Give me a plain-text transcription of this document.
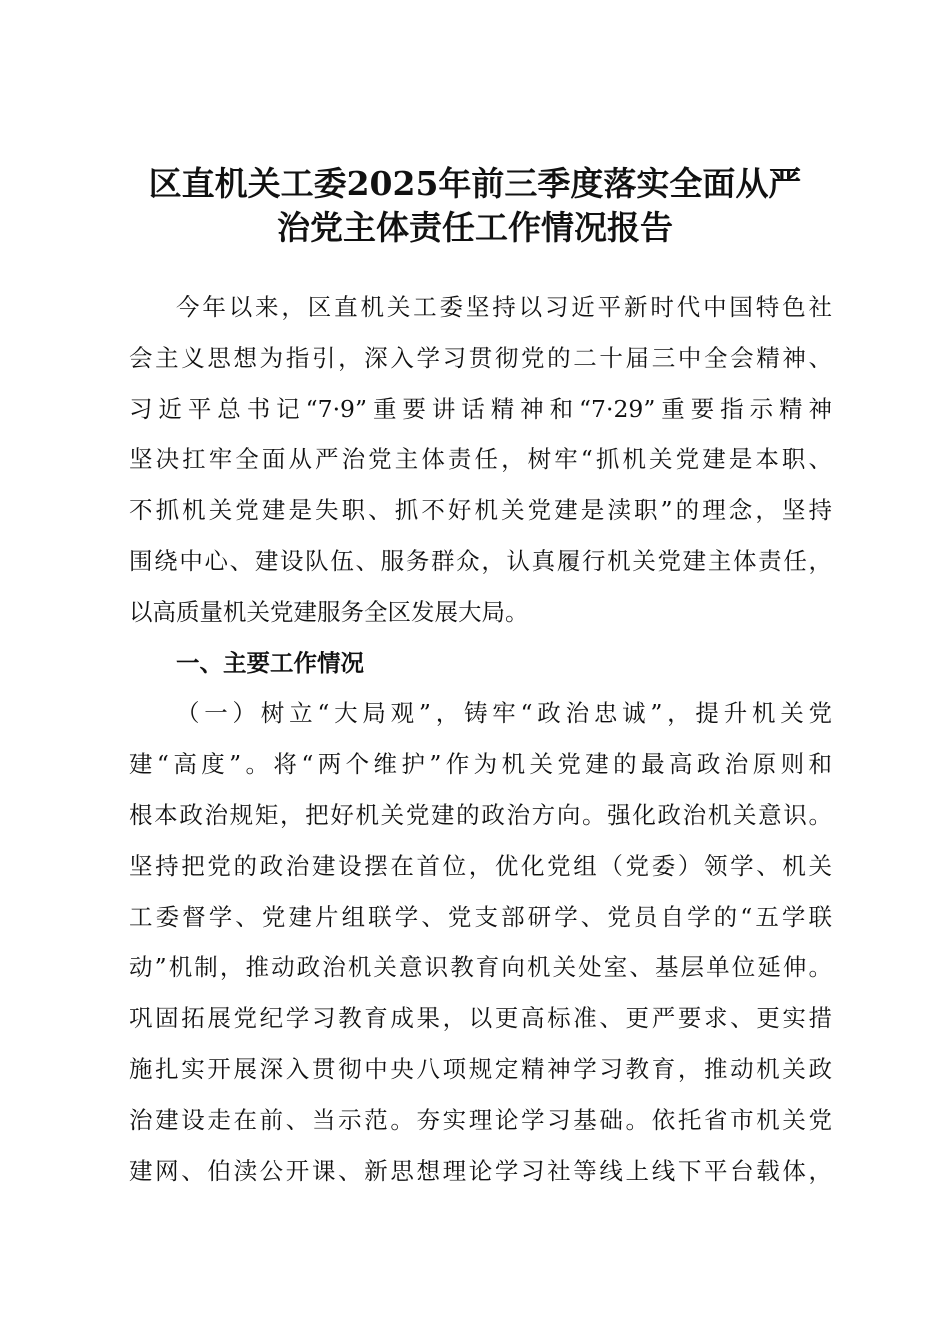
区直机关工委2025年前三季度落实全面从严
治党主体责任工作情况报告
今年以来，区直机关工委坚持以习近平新时代中国特色社
会主义思想为指引，深入学习贯彻党的二十届三中全会精神、
习近平总书记“7·9”重要讲话精神和“7·29”重要指示精神
坚决扛牢全面从严治党主体责任，树牢“抓机关党建是本职、
不抓机关党建是失职、抓不好机关党建是渎职”的理念，坚持
围绕中心、建设队伍、服务群众，认真履行机关党建主体责任，
以高质量机关党建服务全区发展大局。
一、主要工作情况
（一）树立“大局观”，铸牢“政治忠诚”，提升机关党
建“高度”。将“两个维护”作为机关党建的最高政治原则和
根本政治规矩，把好机关党建的政治方向。强化政治机关意识。
坚持把党的政治建设摆在首位，优化党组（党委）领学、机关
工委督学、党建片组联学、党支部研学、党员自学的“五学联
动”机制，推动政治机关意识教育向机关处室、基层单位延伸。
巩固拓展党纪学习教育成果，以更高标准、更严要求、更实措
施扎实开展深入贯彻中央八项规定精神学习教育，推动机关政
治建设走在前、当示范。夯实理论学习基础。依托省市机关党
建网、伯渎公开课、新思想理论学习社等线上线下平台载体，
